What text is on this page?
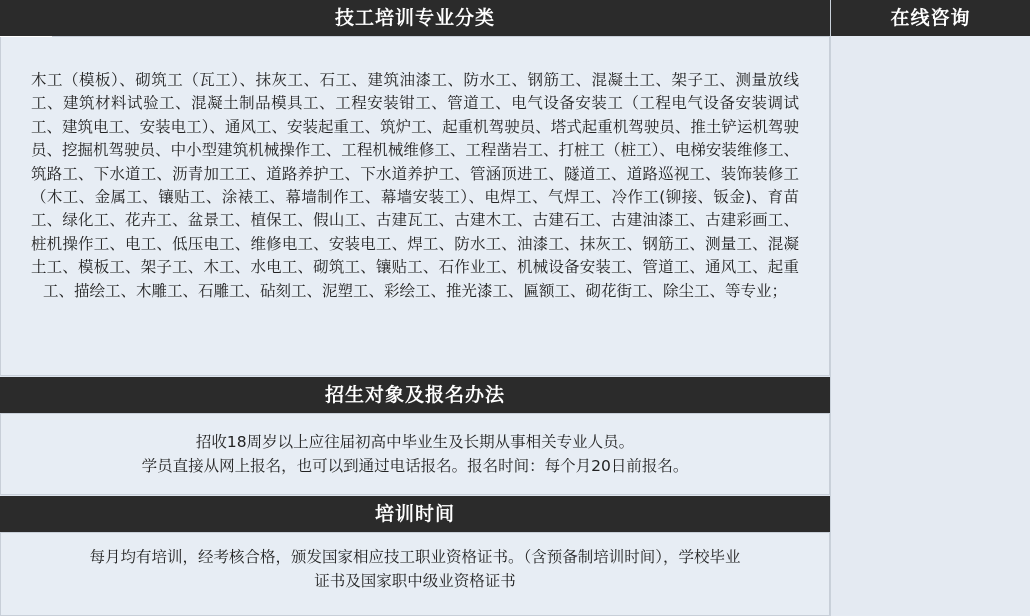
技工培训专业分类
木工（模板）、砌筑工（瓦工）、抹灰工、石工、建筑油漆工、防水工、钢筋工、混凝土工、架子工、测量放线工、建筑材料试验工、混凝土制品模具工、工程安装钳工、管道工、电气设备安装工（工程电气设备安装调试工、建筑电工、安装电工）、通风工、安装起重工、筑炉工、起重机驾驶员、塔式起重机驾驶员、推土铲运机驾驶员、挖掘机驾驶员、中小型建筑机械操作工、工程机械维修工、工程凿岩工、打桩工（桩工）、电梯安装维修工、筑路工、下水道工、沥青加工工、道路养护工、下水道养护工、管涵顶进工、隧道工、道路巡视工、装饰装修工（木工、金属工、镶贴工、涂裱工、幕墙制作工、幕墙安装工）、电焊工、气焊工、冷作工(铆接、钣金)、育苗工、绿化工、花卉工、盆景工、植保工、假山工、古建瓦工、古建木工、古建石工、古建油漆工、古建彩画工、桩机操作工、电工、低压电工、维修电工、安装电工、焊工、防水工、油漆工、抹灰工、钢筋工、测量工、混凝土工、模板工、架子工、木工、水电工、砌筑工、镶贴工、石作业工、机械设备安装工、管道工、通风工、起重工、描绘工、木雕工、石雕工、砧刻工、泥塑工、彩绘工、推光漆工、匾额工、砌花街工、除尘工、等专业；
招生对象及报名办法
招收18周岁以上应往届初高中毕业生及长期从事相关专业人员。
学员直接从网上报名，也可以到通过电话报名。报名时间：每个月20日前报名。
培训时间
每月均有培训，经考核合格，颁发国家相应技工职业资格证书。（含预备制培训时间），学校毕业
证书及国家职中级业资格证书
在线咨询
